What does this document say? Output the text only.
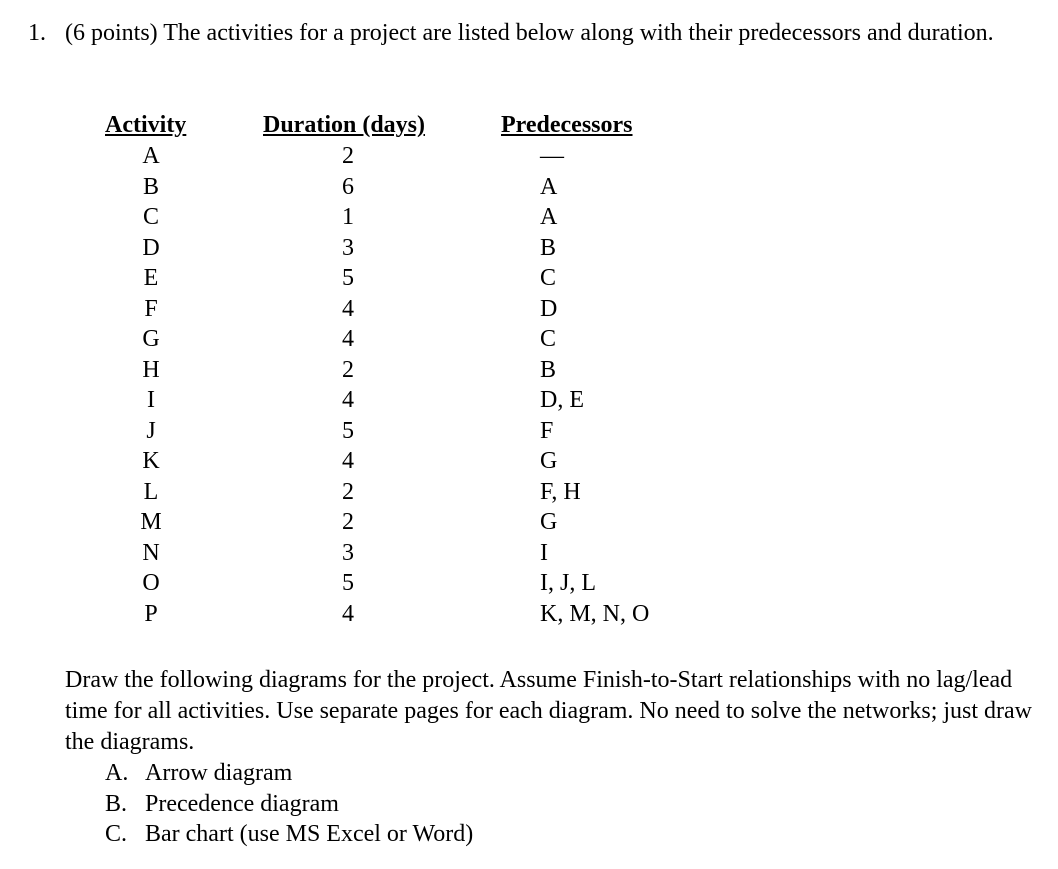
1. (6 points) The activities for a project are listed below along with their predecessors and duration.
Activity	Duration (days)	Predecessors
A	2	—
B	6	A
C	1	A
D	3	B
E	5	C
F	4	D
G	4	C
H	2	B
I	4	D, E
J	5	F
K	4	G
L	2	F, H
M	2	G
N	3	I
O	5	I, J, L
P	4	K, M, N, O
Draw the following diagrams for the project. Assume Finish-to-Start relationships with no lag/lead time for all activities. Use separate pages for each diagram. No need to solve the networks; just draw the diagrams.
A. Arrow diagram
B. Precedence diagram
C. Bar chart (use MS Excel or Word)
